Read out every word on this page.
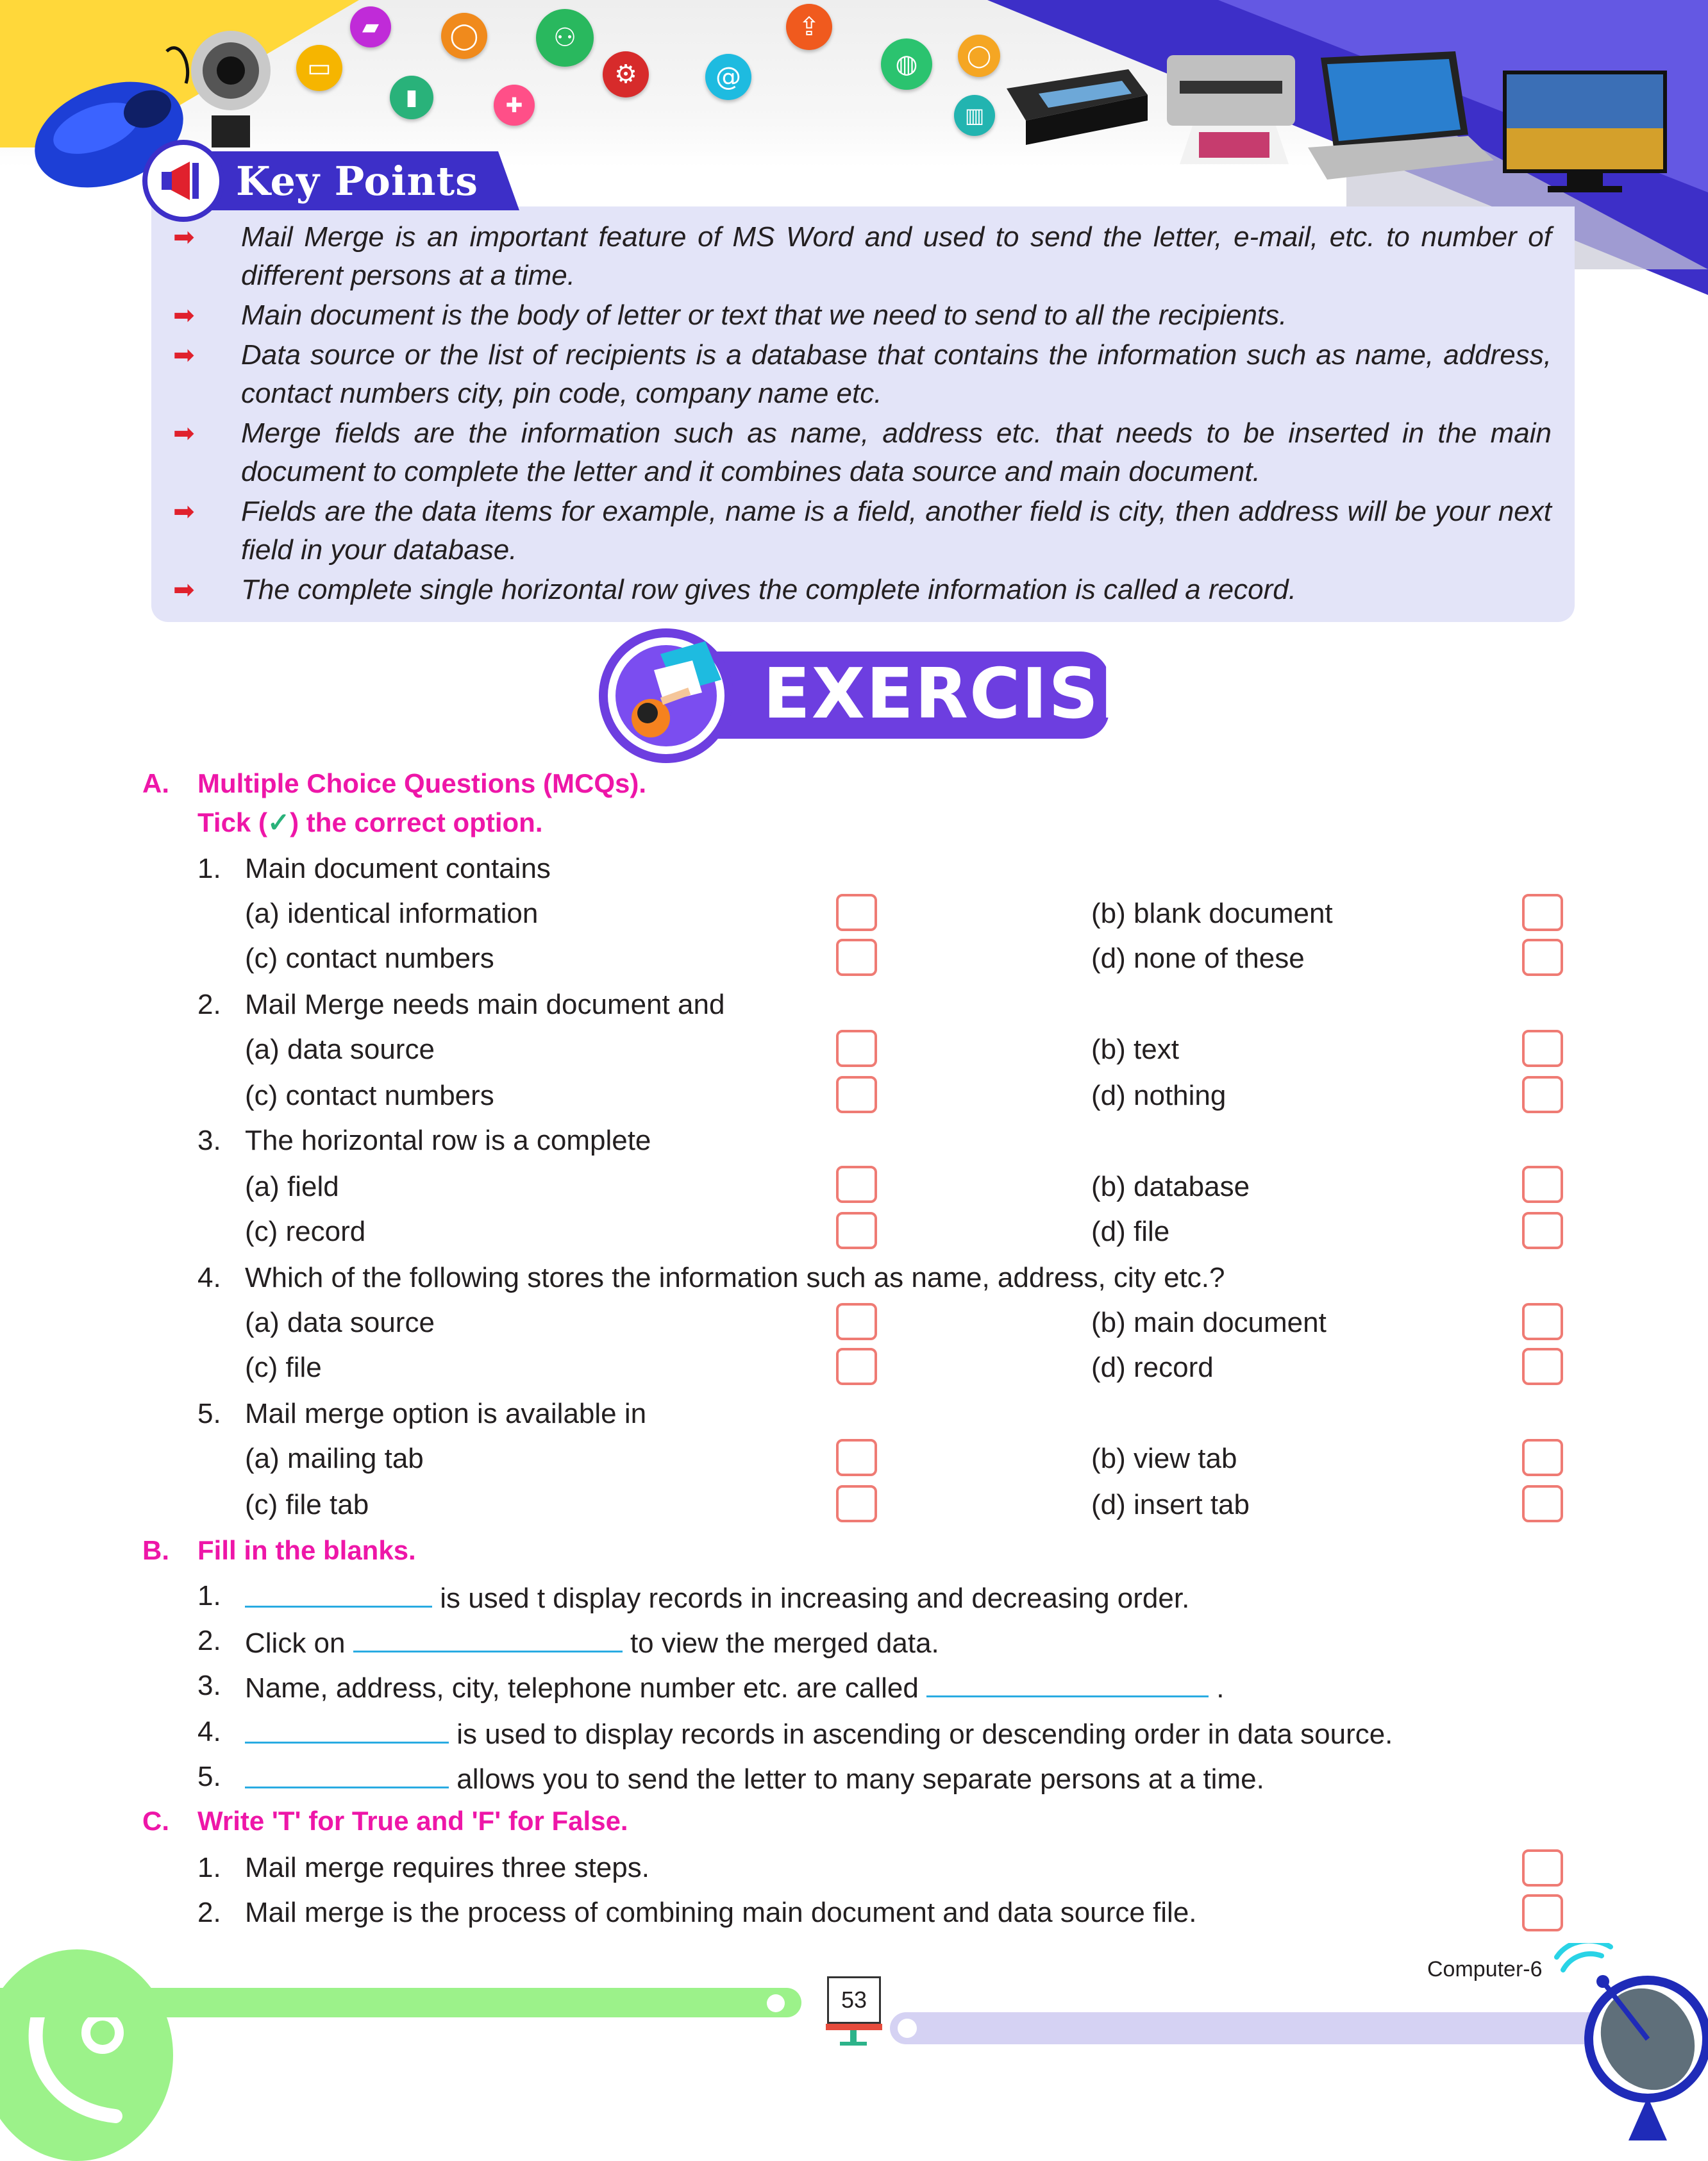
▭
▰
▮
◯
✚
⚇
⚙	@
⇪
◍	◯
▥
Key Points
➡ Mail Merge is an important feature of MS Word and used to send the letter, e-mail, etc. to number of different persons at a time.
➡ Main document is the body of letter or text that we need to send to all the recipients.
➡ Data source or the list of recipients is a database that contains the information such as name, address, contact numbers city, pin code, company name etc.
➡ Merge fields are the information such as name, address etc. that needs to be inserted in the main document to complete the letter and it combines data source and main document.
➡ Fields are the data items for example, name is a field, another field is city, then address will be your next field in your database.
➡ The complete single horizontal row gives the complete information is called a record.
EXERCISE
A. Multiple Choice Questions (MCQs).
Tick (✓) the correct option.
1. Main document contains
(a) identical information	(b) blank document
(c) contact numbers	(d) none of these
2. Mail Merge needs main document and
(a) data source	(b) text
(c) contact numbers	(d) nothing
3. The horizontal row is a complete
(a) field	(b) database
(c) record	(d) file
4. Which of the following stores the information such as name, address, city etc.?
(a) data source	(b) main document
(c) file	(d) record
5. Mail merge option is available in
(a) mailing tab	(b) view tab
(c) file tab	(d) insert tab
B. Fill in the blanks.
1.	is used t display records in increasing and decreasing order.
2. Click on	to view the merged data.
3. Name, address, city, telephone number etc. are called	.
4.	is used to display records in ascending or descending order in data source.
5.	allows you to send the letter to many separate persons at a time.
C. Write 'T' for True and 'F' for False.
1. Mail merge requires three steps.
2. Mail merge is the process of combining main document and data source file.
53
Computer-6
